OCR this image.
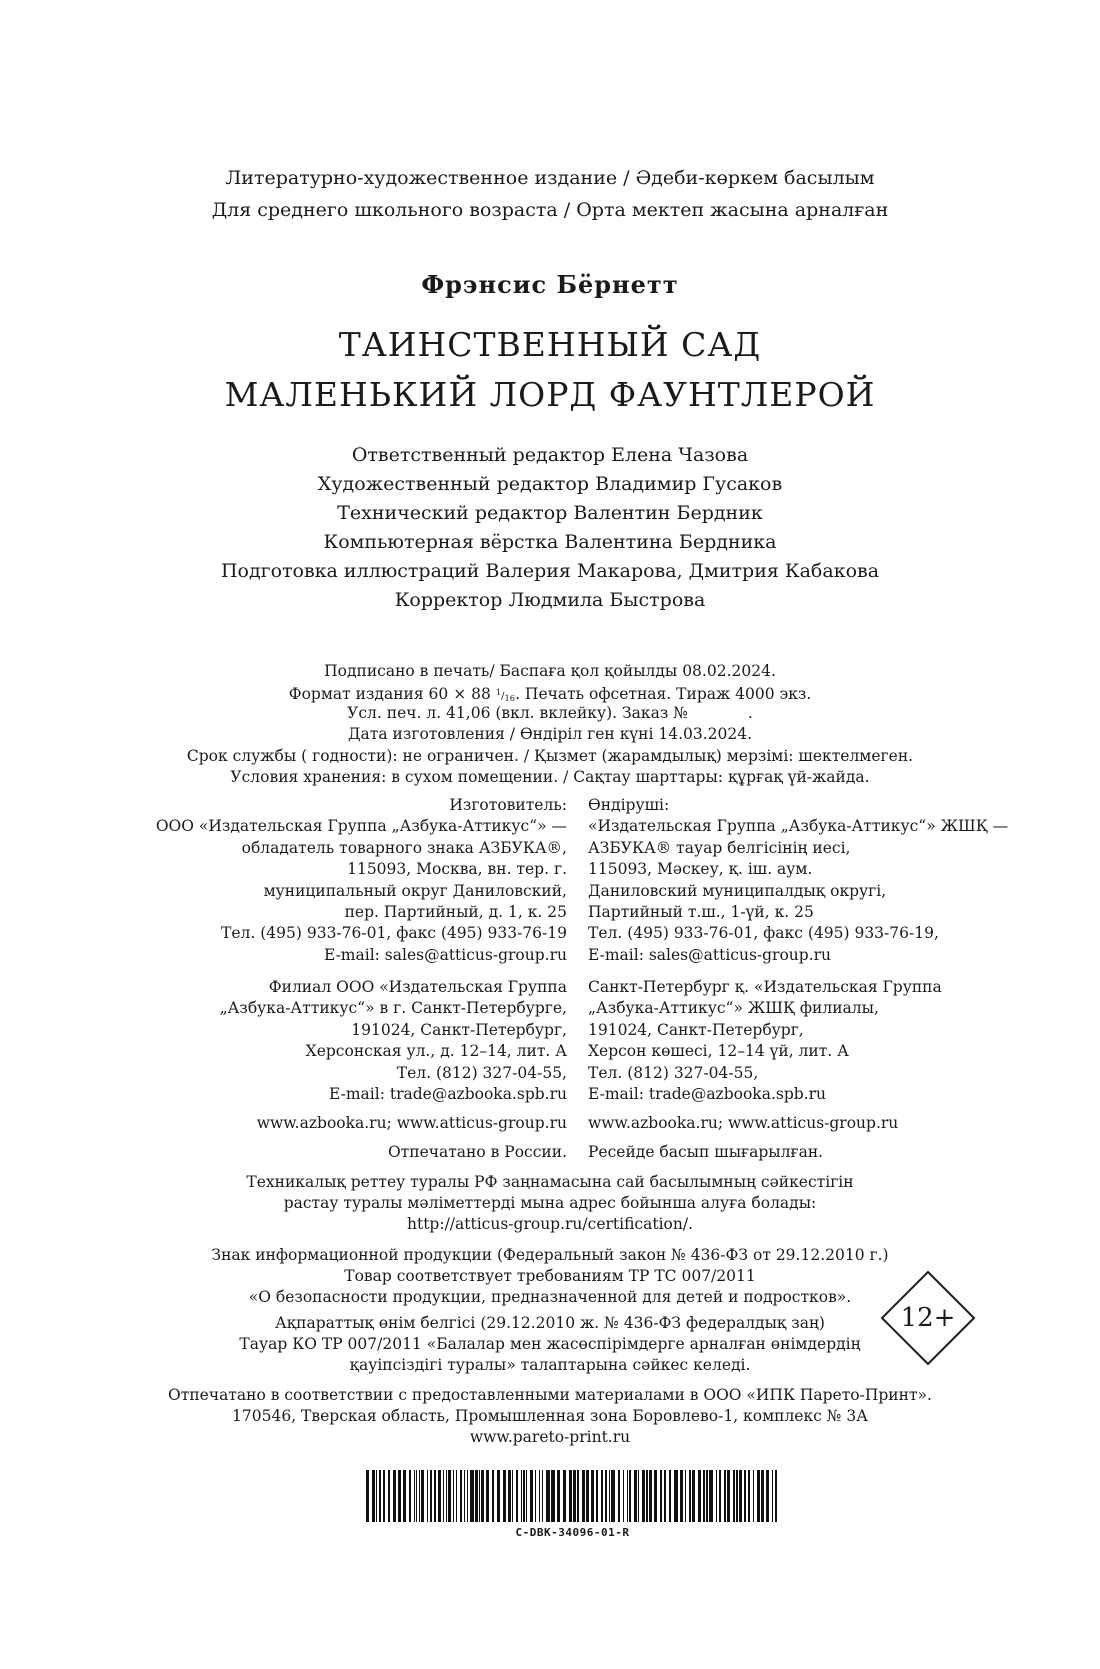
Литературно-художественное издание / Әдеби-көркем басылым
Для среднего школьного возраста / Орта мектеп жасына арналған
Фрэнсис Бёрнетт
ТАИНСТВЕННЫЙ САД
МАЛЕНЬКИЙ ЛОРД ФАУНТЛЕРОЙ
Ответственный редактор Елена Чазова
Художественный редактор Владимир Гусаков
Технический редактор Валентин Бердник
Компьютерная вёрстка Валентина Бердника
Подготовка иллюстраций Валерия Макарова, Дмитрия Кабакова
Корректор Людмила Быстрова
Подписано в печать/ Баспаға қол қойылды 08.02.2024.
Формат издания 60 × 88 $^1/_{16}$. Печать офсетная. Тираж 4000 экз.
Усл. печ. л. 41,06 (вкл. вклейку). Заказ №	.
Дата изготовления / Өндіріл ген күні 14.03.2024.
Срок службы ( годности): не ограничен. / Қызмет (жарамдылық) мерзімі: шектелмеген.
Условия хранения: в сухом помещении. / Сақтау шарттары: құрғақ үй-жайда.
Изготовитель:
ООО «Издательская Группа „Азбука-Аттикус“» —
обладатель товарного знака АЗБУКА®,
115093, Москва, вн. тер. г.
муниципальный округ Даниловский,
пер. Партийный, д. 1, к. 25
Тел. (495) 933-76-01, факс (495) 933-76-19
E-mail: sales@atticus-group.ru
Өндіруші:
«Издательская Группа „Азбука-Аттикус“» ЖШҚ —
АЗБУКА® тауар белгісінің иесі,
115093, Мәскеу, қ. іш. аум.
Даниловский муниципалдық округі,
Партийный т.ш., 1-үй, к. 25
Тел. (495) 933-76-01, факс (495) 933-76-19,
E-mail: sales@atticus-group.ru
Филиал ООО «Издательская Группа
„Азбука-Аттикус“» в г. Санкт-Петербурге,
191024, Санкт-Петербург,
Херсонская ул., д. 12–14, лит. А
Тел. (812) 327-04-55,
E-mail: trade@azbooka.spb.ru
Санкт-Петербург қ. «Издательская Группа
„Азбука-Аттикус“» ЖШҚ филиалы,
191024, Санкт-Петербург,
Херсон көшесі, 12–14 үй, лит. А
Тел. (812) 327-04-55,
E-mail: trade@azbooka.spb.ru
www.azbooka.ru; www.atticus-group.ru www.azbooka.ru; www.atticus-group.ru
Отпечатано в России. Ресейде басып шығарылған.
Техникалық реттеу туралы РФ заңнамасына сай басылымның сәйкестігін
растау туралы мәліметтерді мына адрес бойынша алуға болады:
http://atticus-group.ru/certification/.
Знак информационной продукции (Федеральный закон № 436-ФЗ от 29.12.2010 г.)
Товар соответствует требованиям ТР ТС 007/2011
«О безопасности продукции, предназначенной для детей и подростков».
Ақпараттық өнім белгісі (29.12.2010 ж. № 436-ФЗ федералдық заң)
Тауар КО ТР 007/2011 «Балалар мен жасөспірімдерге арналған өнімдердің
қауіпсіздігі туралы» талаптарына сәйкес келеді.
12+
Отпечатано в соответствии с предоставленными материалами в ООО «ИПК Парето-Принт».
170546, Тверская область, Промышленная зона Боровлево-1, комплекс № 3А
www.pareto-print.ru
C-DBK-34096-01-R
